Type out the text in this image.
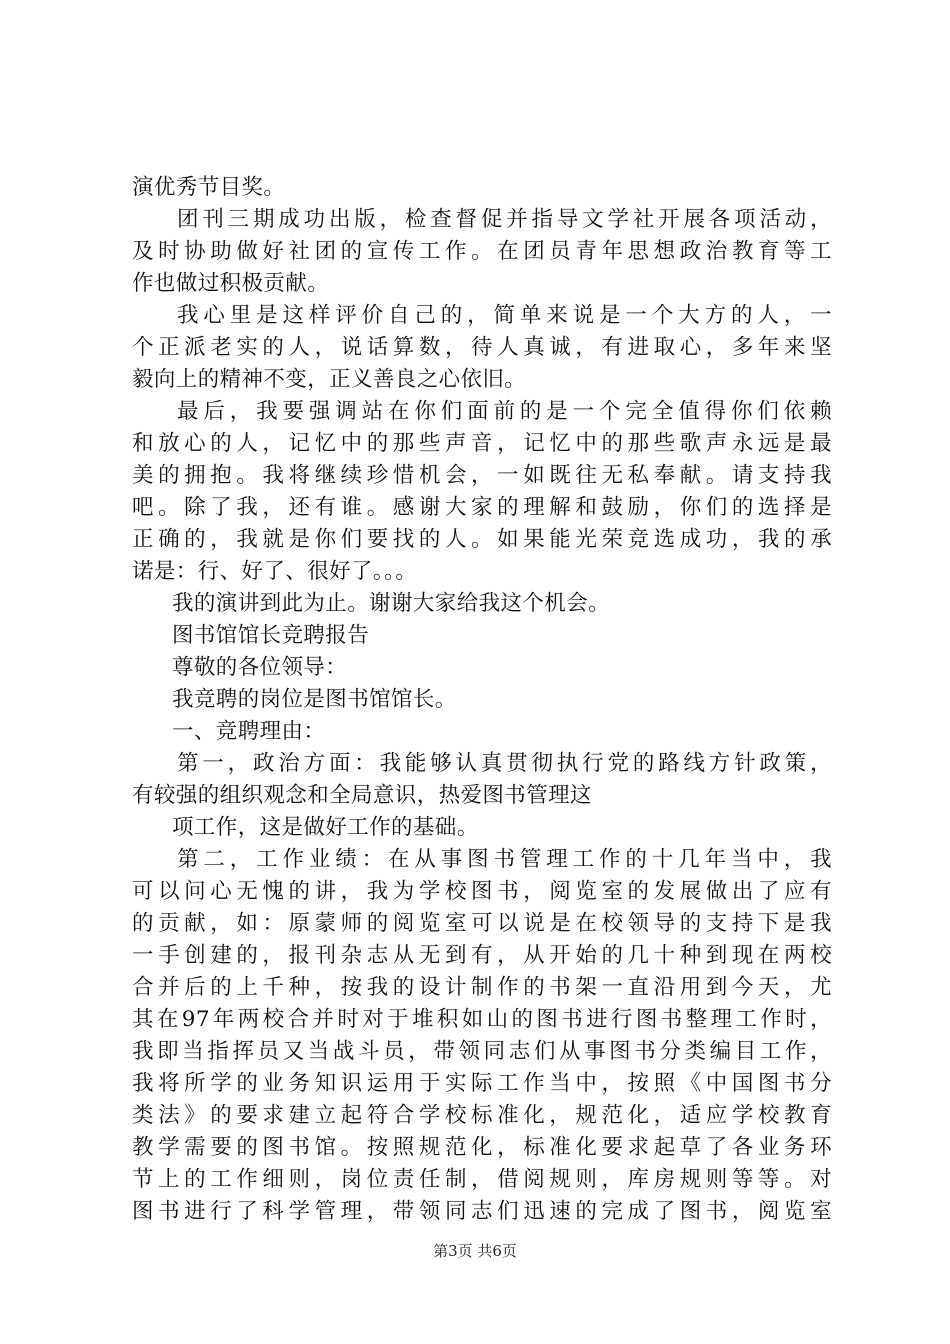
演优秀节目奖。
团刊三期成功出版，检查督促并指导文学社开展各项活动，
及时协助做好社团的宣传工作。在团员青年思想政治教育等工
作也做过积极贡献。
我心里是这样评价自己的，简单来说是一个大方的人，一
个正派老实的人，说话算数，待人真诚，有进取心，多年来坚
毅向上的精神不变，正义善良之心依旧。
最后，我要强调站在你们面前的是一个完全值得你们依赖
和放心的人，记忆中的那些声音，记忆中的那些歌声永远是最
美的拥抱。我将继续珍惜机会，一如既往无私奉献。请支持我
吧。除了我，还有谁。感谢大家的理解和鼓励，你们的选择是
正确的，我就是你们要找的人。如果能光荣竞选成功，我的承
诺是：行、好了、很好了。。。
我的演讲到此为止。谢谢大家给我这个机会。
图书馆馆长竞聘报告
尊敬的各位领导：
我竞聘的岗位是图书馆馆长。
一、竞聘理由：
第一，政治方面：我能够认真贯彻执行党的路线方针政策，
有较强的组织观念和全局意识，热爱图书管理这
项工作，这是做好工作的基础。
第二，工作业绩：在从事图书管理工作的十几年当中，我
可以问心无愧的讲，我为学校图书，阅览室的发展做出了应有
的贡献，如：原蒙师的阅览室可以说是在校领导的支持下是我
一手创建的，报刊杂志从无到有，从开始的几十种到现在两校
合并后的上千种，按我的设计制作的书架一直沿用到今天，尤
其在97年两校合并时对于堆积如山的图书进行图书整理工作时，
我即当指挥员又当战斗员，带领同志们从事图书分类编目工作，
我将所学的业务知识运用于实际工作当中，按照《中国图书分
类法》的要求建立起符合学校标准化，规范化，适应学校教育
教学需要的图书馆。按照规范化，标准化要求起草了各业务环
节上的工作细则，岗位责任制，借阅规则，库房规则等等。对
图书进行了科学管理，带领同志们迅速的完成了图书，阅览室
第3页 共6页
